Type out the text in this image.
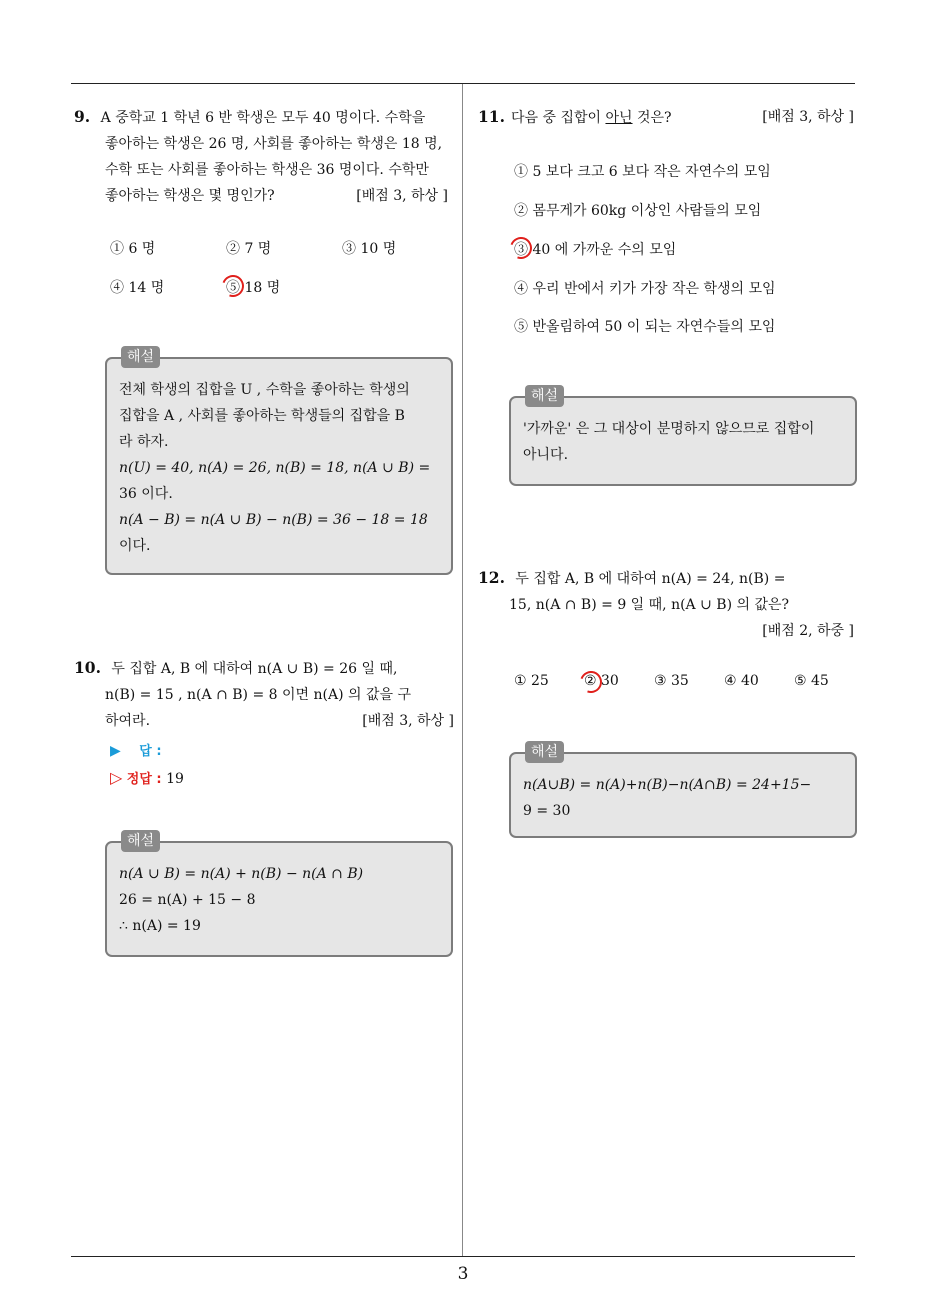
9. A 중학교 1 학년 6 반 학생은 모두 40 명이다. 수학을
좋아하는 학생은 26 명, 사회를 좋아하는 학생은 18 명,
수학 또는 사회를 좋아하는 학생은 36 명이다. 수학만
좋아하는 학생은 몇 명인가?	[배점 3, 하상 ]
① 6 명	② 7 명	③ 10 명
④ 14 명	⑤ 18 명
해설
전체 학생의 집합을 U , 수학을 좋아하는 학생의
집합을 A , 사회를 좋아하는 학생들의 집합을 B
라 하자.
n(U) = 40, n(A) = 26, n(B) = 18, n(A ∪ B) =
36 이다.
n(A − B) = n(A ∪ B) − n(B) = 36 − 18 = 18
이다.
10. 두 집합 A, B 에 대하여 n(A ∪ B) = 26 일 때,
n(B) = 15 , n(A ∩ B) = 8 이면 n(A) 의 값을 구
하여라.	[배점 3, 하상 ]
▶ 답 :
▷ 정답 : 19
해설
n(A ∪ B) = n(A) + n(B) − n(A ∩ B)
26 = n(A) + 15 − 8
∴ n(A) = 19
11. 다음 중 집합이 아닌 것은?	[배점 3, 하상 ]
① 5 보다 크고 6 보다 작은 자연수의 모임
② 몸무게가 60kg 이상인 사람들의 모임
③ 40 에 가까운 수의 모임
④ 우리 반에서 키가 가장 작은 학생의 모임
⑤ 반올림하여 50 이 되는 자연수들의 모임
해설
'가까운' 은 그 대상이 분명하지 않으므로 집합이
아니다.
12. 두 집합 A, B 에 대하여 n(A) = 24, n(B) =
15, n(A ∩ B) = 9 일 때, n(A ∪ B) 의 값은?

[배점 2, 하중 ]
① 25	② 30	③ 35	④ 40	⑤ 45
해설
n(A∪B) = n(A)+n(B)−n(A∩B) = 24+15−
9 = 30
3
